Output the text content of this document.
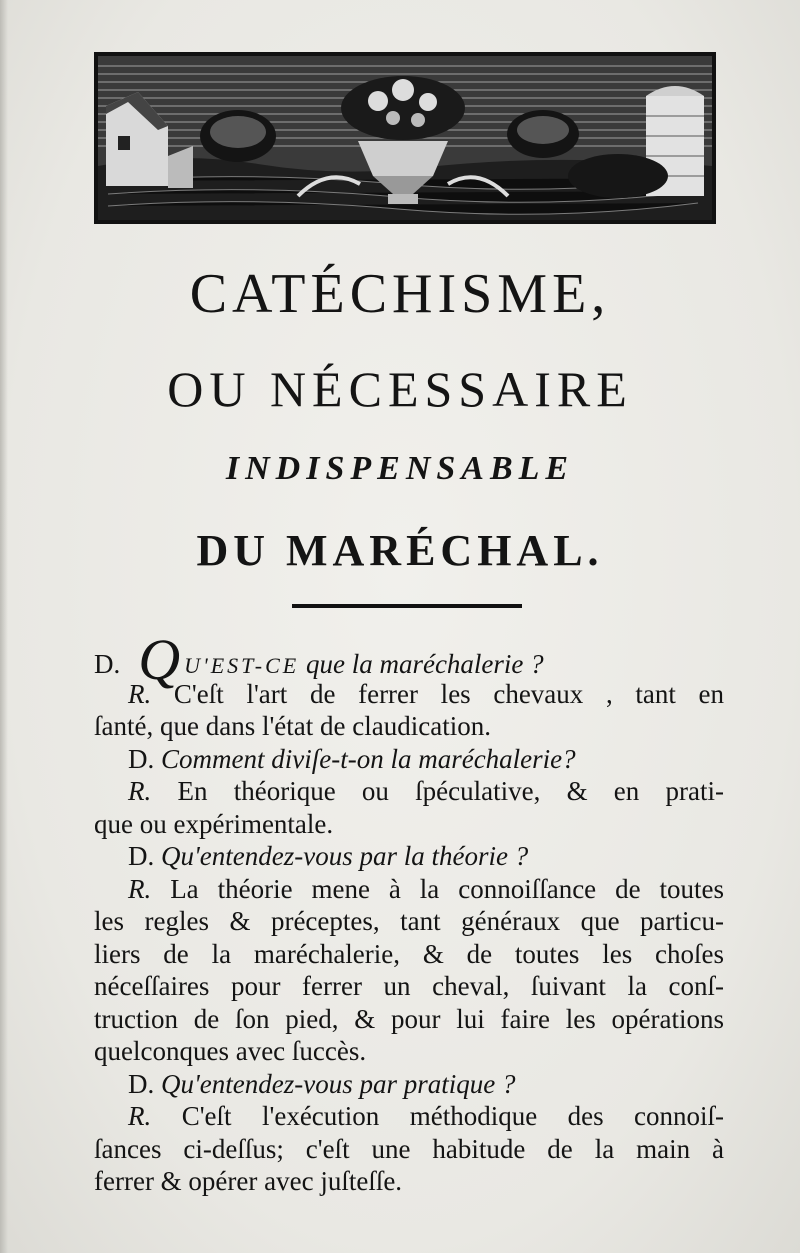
CATÉCHISME,
OU NÉCESSAIRE
INDISPENSABLE
DU MARÉCHAL.
D. Q U'EST-CE que la maréchalerie ?
R. C'eſt l'art de ferrer les chevaux , tant en
ſanté, que dans l'état de claudication.
D. Comment diviſe-t-on la maréchalerie?
R. En théorique ou ſpéculative, & en prati-
que ou expérimentale.
D. Qu'entendez-vous par la théorie ?
R. La théorie mene à la connoiſſance de toutes
les regles & préceptes, tant généraux que particu-
liers de la maréchalerie, & de toutes les choſes
néceſſaires pour ferrer un cheval, ſuivant la conſ-
truction de ſon pied, & pour lui faire les opérations
quelconques avec ſuccès.
D. Qu'entendez-vous par pratique ?
R. C'eſt l'exécution méthodique des connoiſ-
ſances ci-deſſus; c'eſt une habitude de la main à
ferrer & opérer avec juſteſſe.
